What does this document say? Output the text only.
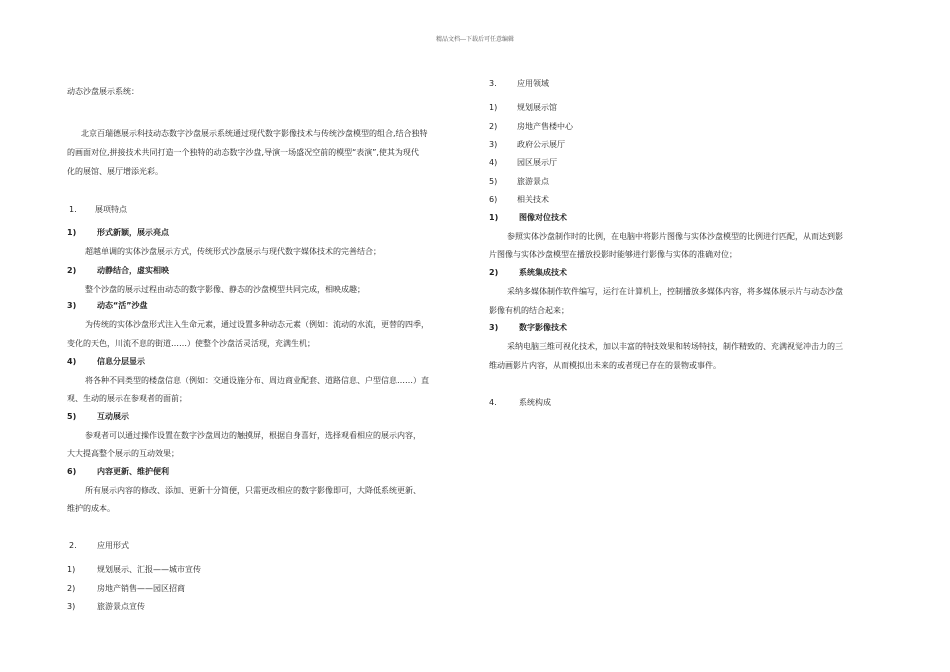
精品文档---下载后可任意编辑
动态沙盘展示系统：
北京百瑞德展示科技动态数字沙盘展示系统通过现代数字影像技术与传统沙盘模型的组合,结合独特
的画面对位,拼接技术共同打造一个独特的动态数字沙盘,导演一场盛况空前的模型“表演”,使其为现代
化的展馆、展厅增添光彩。
1. 展项特点
1)	形式新颖，展示亮点
超越单调的实体沙盘展示方式，传统形式沙盘展示与现代数字媒体技术的完善结合；
2)	动静结合，虚实相映
整个沙盘的展示过程由动态的数字影像、静态的沙盘模型共同完成，相映成趣；
3)	动态“活”沙盘
为传统的实体沙盘形式注入生命元素，通过设置多种动态元素（例如：流动的水流，更替的四季，
变化的天色，川流不息的街道……）使整个沙盘活灵活现，充满生机；
4)	信息分层显示
将各种不同类型的楼盘信息（例如：交通设施分布、周边商业配套、道路信息、户型信息……）直
观、生动的展示在参观者的面前；
5)	互动展示
参观者可以通过操作设置在数字沙盘周边的触摸屏，根据自身喜好，选择观看相应的展示内容，
大大提高整个展示的互动效果；
6)	内容更新、维护便利
所有展示内容的修改、添加、更新十分简便，只需更改相应的数字影像即可，大降低系统更新、
维护的成本。
2.	应用形式
1)	规划展示、汇报——城市宣传
2)	房地产销售——园区招商
3)	旅游景点宣传
3.	应用领域
1) 规划展示馆
2) 房地产售楼中心
3) 政府公示展厅
4) 园区展示厅
5) 旅游景点
6) 相关技术
1)	图像对位技术
参照实体沙盘制作时的比例，在电脑中将影片图像与实体沙盘模型的比例进行匹配，从而达到影
片图像与实体沙盘模型在播放投影时能够进行影像与实体的准确对位；
2)	系统集成技术
采纳多媒体制作软件编写，运行在计算机上，控制播放多媒体内容，将多媒体展示片与动态沙盘
影像有机的结合起来；
3)	数字影像技术
采纳电脑三维可视化技术，加以丰富的特技效果和转场特技，制作精致的、充满视觉冲击力的三
维动画影片内容，从而模拟出未来的或者现已存在的景物或事件。
4.	系统构成
